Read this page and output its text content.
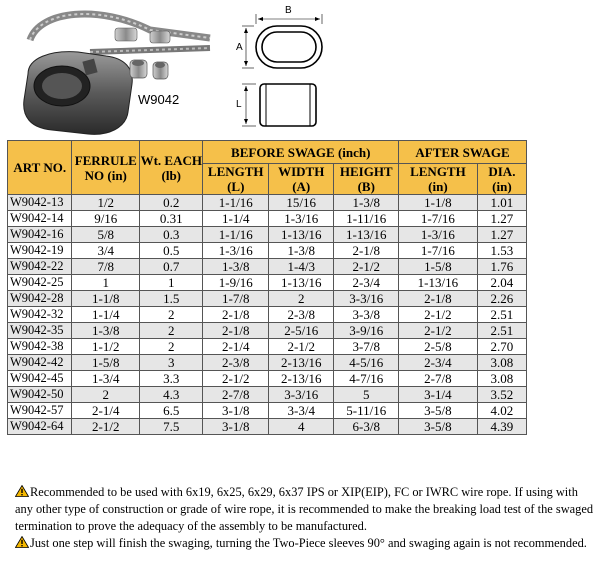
W9042
B
A
L
ART NO.	FERRULE NO (in)	Wt. EACH (lb)	BEFORE SWAGE (inch)			AFTER SWAGE	
			LENGTH (L)	WIDTH (A)	HEIGHT (B)	LENGTH (in)	DIA. (in)
W9042-13	1/2	0.2	1-1/16	15/16	1-3/8	1-1/8	1.01
W9042-14	9/16	0.31	1-1/4	1-3/16	1-11/16	1-7/16	1.27
W9042-16	5/8	0.3	1-1/16	1-13/16	1-13/16	1-3/16	1.27
W9042-19	3/4	0.5	1-3/16	1-3/8	2-1/8	1-7/16	1.53
W9042-22	7/8	0.7	1-3/8	1-4/3	2-1/2	1-5/8	1.76
W9042-25	1	1	1-9/16	1-13/16	2-3/4	1-13/16	2.04
W9042-28	1-1/8	1.5	1-7/8	2	3-3/16	2-1/8	2.26
W9042-32	1-1/4	2	2-1/8	2-3/8	3-3/8	2-1/2	2.51
W9042-35	1-3/8	2	2-1/8	2-5/16	3-9/16	2-1/2	2.51
W9042-38	1-1/2	2	2-1/4	2-1/2	3-7/8	2-5/8	2.70
W9042-42	1-5/8	3	2-3/8	2-13/16	4-5/16	2-3/4	3.08
W9042-45	1-3/4	3.3	2-1/2	2-13/16	4-7/16	2-7/8	3.08
W9042-50	2	4.3	2-7/8	3-3/16	5	3-1/4	3.52
W9042-57	2-1/4	6.5	3-1/8	3-3/4	5-11/16	3-5/8	4.02
W9042-64	2-1/2	7.5	3-1/8	4	6-3/8	3-5/8	4.39

Recommended to be used with 6x19, 6x25, 6x29, 6x37 IPS or XIP(EIP), FC or IWRC wire rope. If using with any other type of construction or grade of wire rope, it is recommended to make the breaking load test of the swaged termination to prove the adequacy of the assembly to be manufactured.

Just one step will finish the swaging, turning the Two-Piece sleeves 90° and swaging again is not recommended.
